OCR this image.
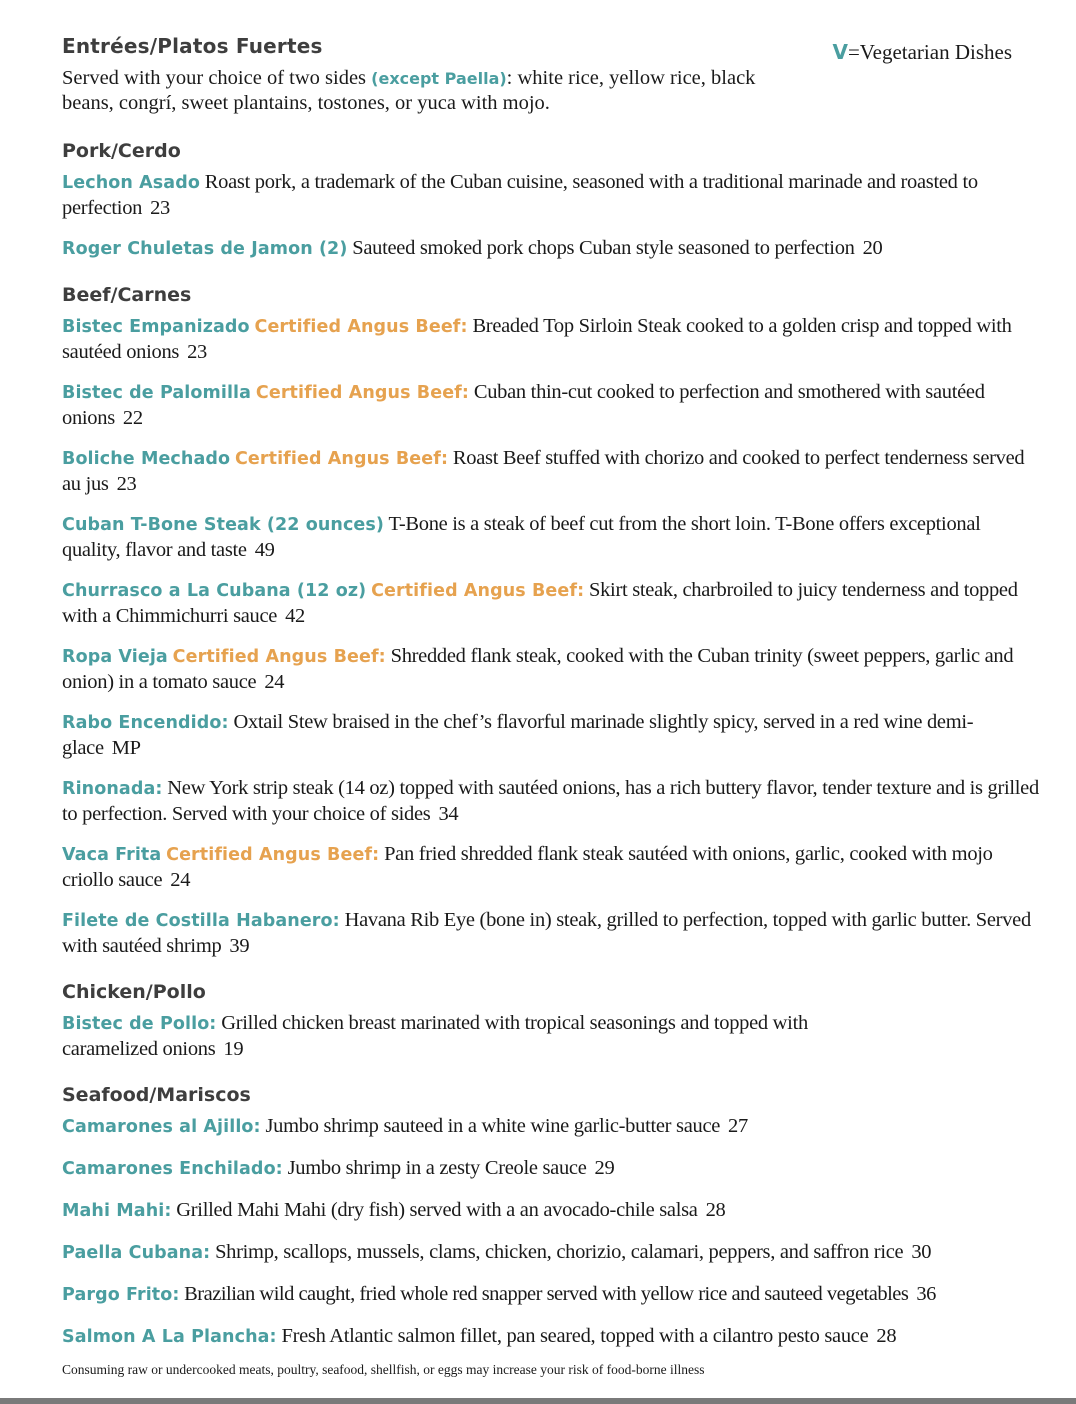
V=Vegetarian Dishes
Entrées/Platos Fuertes
Served with your choice of two sides (except Paella): white rice, yellow rice, black beans, congrí, sweet plantains, tostones, or yuca with mojo.
Pork/Cerdo
Lechon Asado Roast pork, a trademark of the Cuban cuisine, seasoned with a traditional marinade and roasted to perfection 23
Roger Chuletas de Jamon (2) Sauteed smoked pork chops Cuban style seasoned to perfection 20
Beef/Carnes
Bistec Empanizado Certified Angus Beef: Breaded Top Sirloin Steak cooked to a golden crisp and topped with sautéed onions 23
Bistec de Palomilla Certified Angus Beef: Cuban thin-cut cooked to perfection and smothered with sautéed onions 22
Boliche Mechado Certified Angus Beef: Roast Beef stuffed with chorizo and cooked to perfect tenderness served au jus 23
Cuban T-Bone Steak (22 ounces) T-Bone is a steak of beef cut from the short loin. T-Bone offers exceptional quality, flavor and taste 49
Churrasco a La Cubana (12 oz) Certified Angus Beef: Skirt steak, charbroiled to juicy tenderness and topped with a Chimmichurri sauce 42
Ropa Vieja Certified Angus Beef: Shredded flank steak, cooked with the Cuban trinity (sweet peppers, garlic and onion) in a tomato sauce 24
Rabo Encendido: Oxtail Stew braised in the chef’s flavorful marinade slightly spicy, served in a red wine demi-glace MP
Rinonada: New York strip steak (14 oz) topped with sautéed onions, has a rich buttery flavor, tender texture and is grilled to perfection. Served with your choice of sides 34
Vaca Frita Certified Angus Beef: Pan fried shredded flank steak sautéed with onions, garlic, cooked with mojo criollo sauce 24
Filete de Costilla Habanero: Havana Rib Eye (bone in) steak, grilled to perfection, topped with garlic butter. Served with sautéed shrimp 39
Chicken/Pollo
Bistec de Pollo: Grilled chicken breast marinated with tropical seasonings and topped with caramelized onions 19
Seafood/Mariscos
Camarones al Ajillo: Jumbo shrimp sauteed in a white wine garlic-butter sauce 27
Camarones Enchilado: Jumbo shrimp in a zesty Creole sauce 29
Mahi Mahi: Grilled Mahi Mahi (dry fish) served with a an avocado-chile salsa 28
Paella Cubana: Shrimp, scallops, mussels, clams, chicken, chorizio, calamari, peppers, and saffron rice 30
Pargo Frito: Brazilian wild caught, fried whole red snapper served with yellow rice and sauteed vegetables 36
Salmon A La Plancha: Fresh Atlantic salmon fillet, pan seared, topped with a cilantro pesto sauce 28
Consuming raw or undercooked meats, poultry, seafood, shellfish, or eggs may increase your risk of food-borne illness
